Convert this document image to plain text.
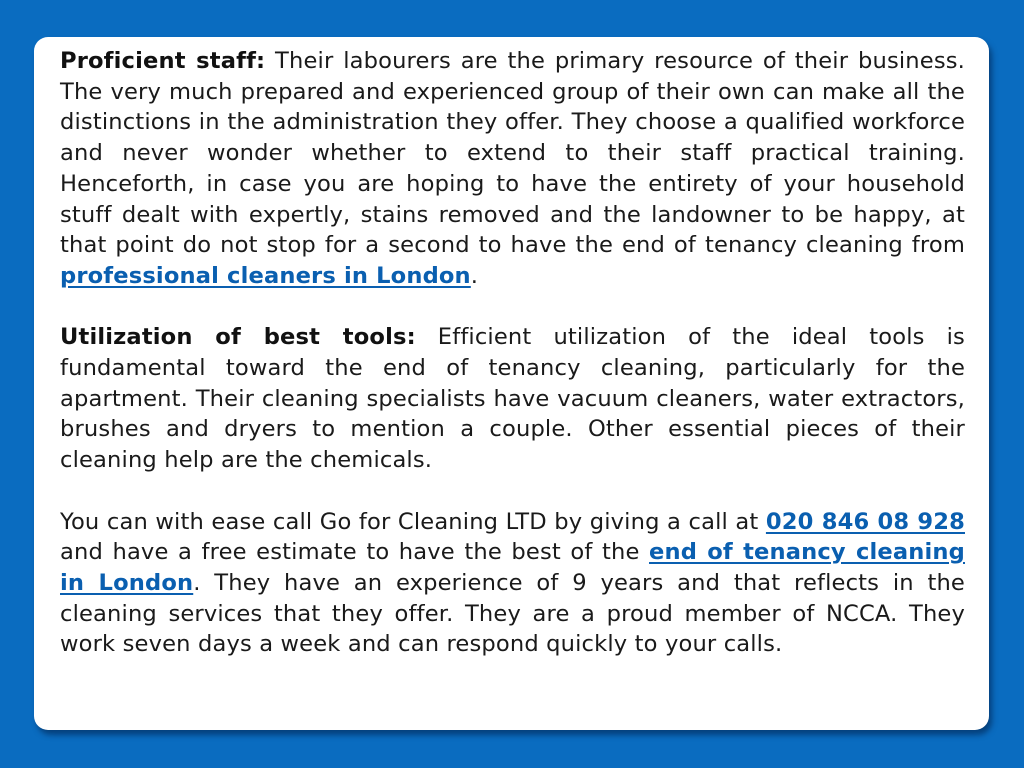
Proficient staff: Their labourers are the primary resource of their business. The very much prepared and experienced group of their own can make all the distinctions in the administration they offer. They choose a qualified workforce and never wonder whether to extend to their staff practical training. Henceforth, in case you are hoping to have the entirety of your household stuff dealt with expertly, stains removed and the landowner to be happy, at that point do not stop for a second to have the end of tenancy cleaning from professional cleaners in London.

Utilization of best tools: Efficient utilization of the ideal tools is fundamental toward the end of tenancy cleaning, particularly for the apartment. Their cleaning specialists have vacuum cleaners, water extractors, brushes and dryers to mention a couple. Other essential pieces of their cleaning help are the chemicals.

You can with ease call Go for Cleaning LTD by giving a call at 020 846 08 928 and have a free estimate to have the best of the end of tenancy cleaning in London. They have an experience of 9 years and that reflects in the cleaning services that they offer. They are a proud member of NCCA. They work seven days a week and can respond quickly to your calls.
